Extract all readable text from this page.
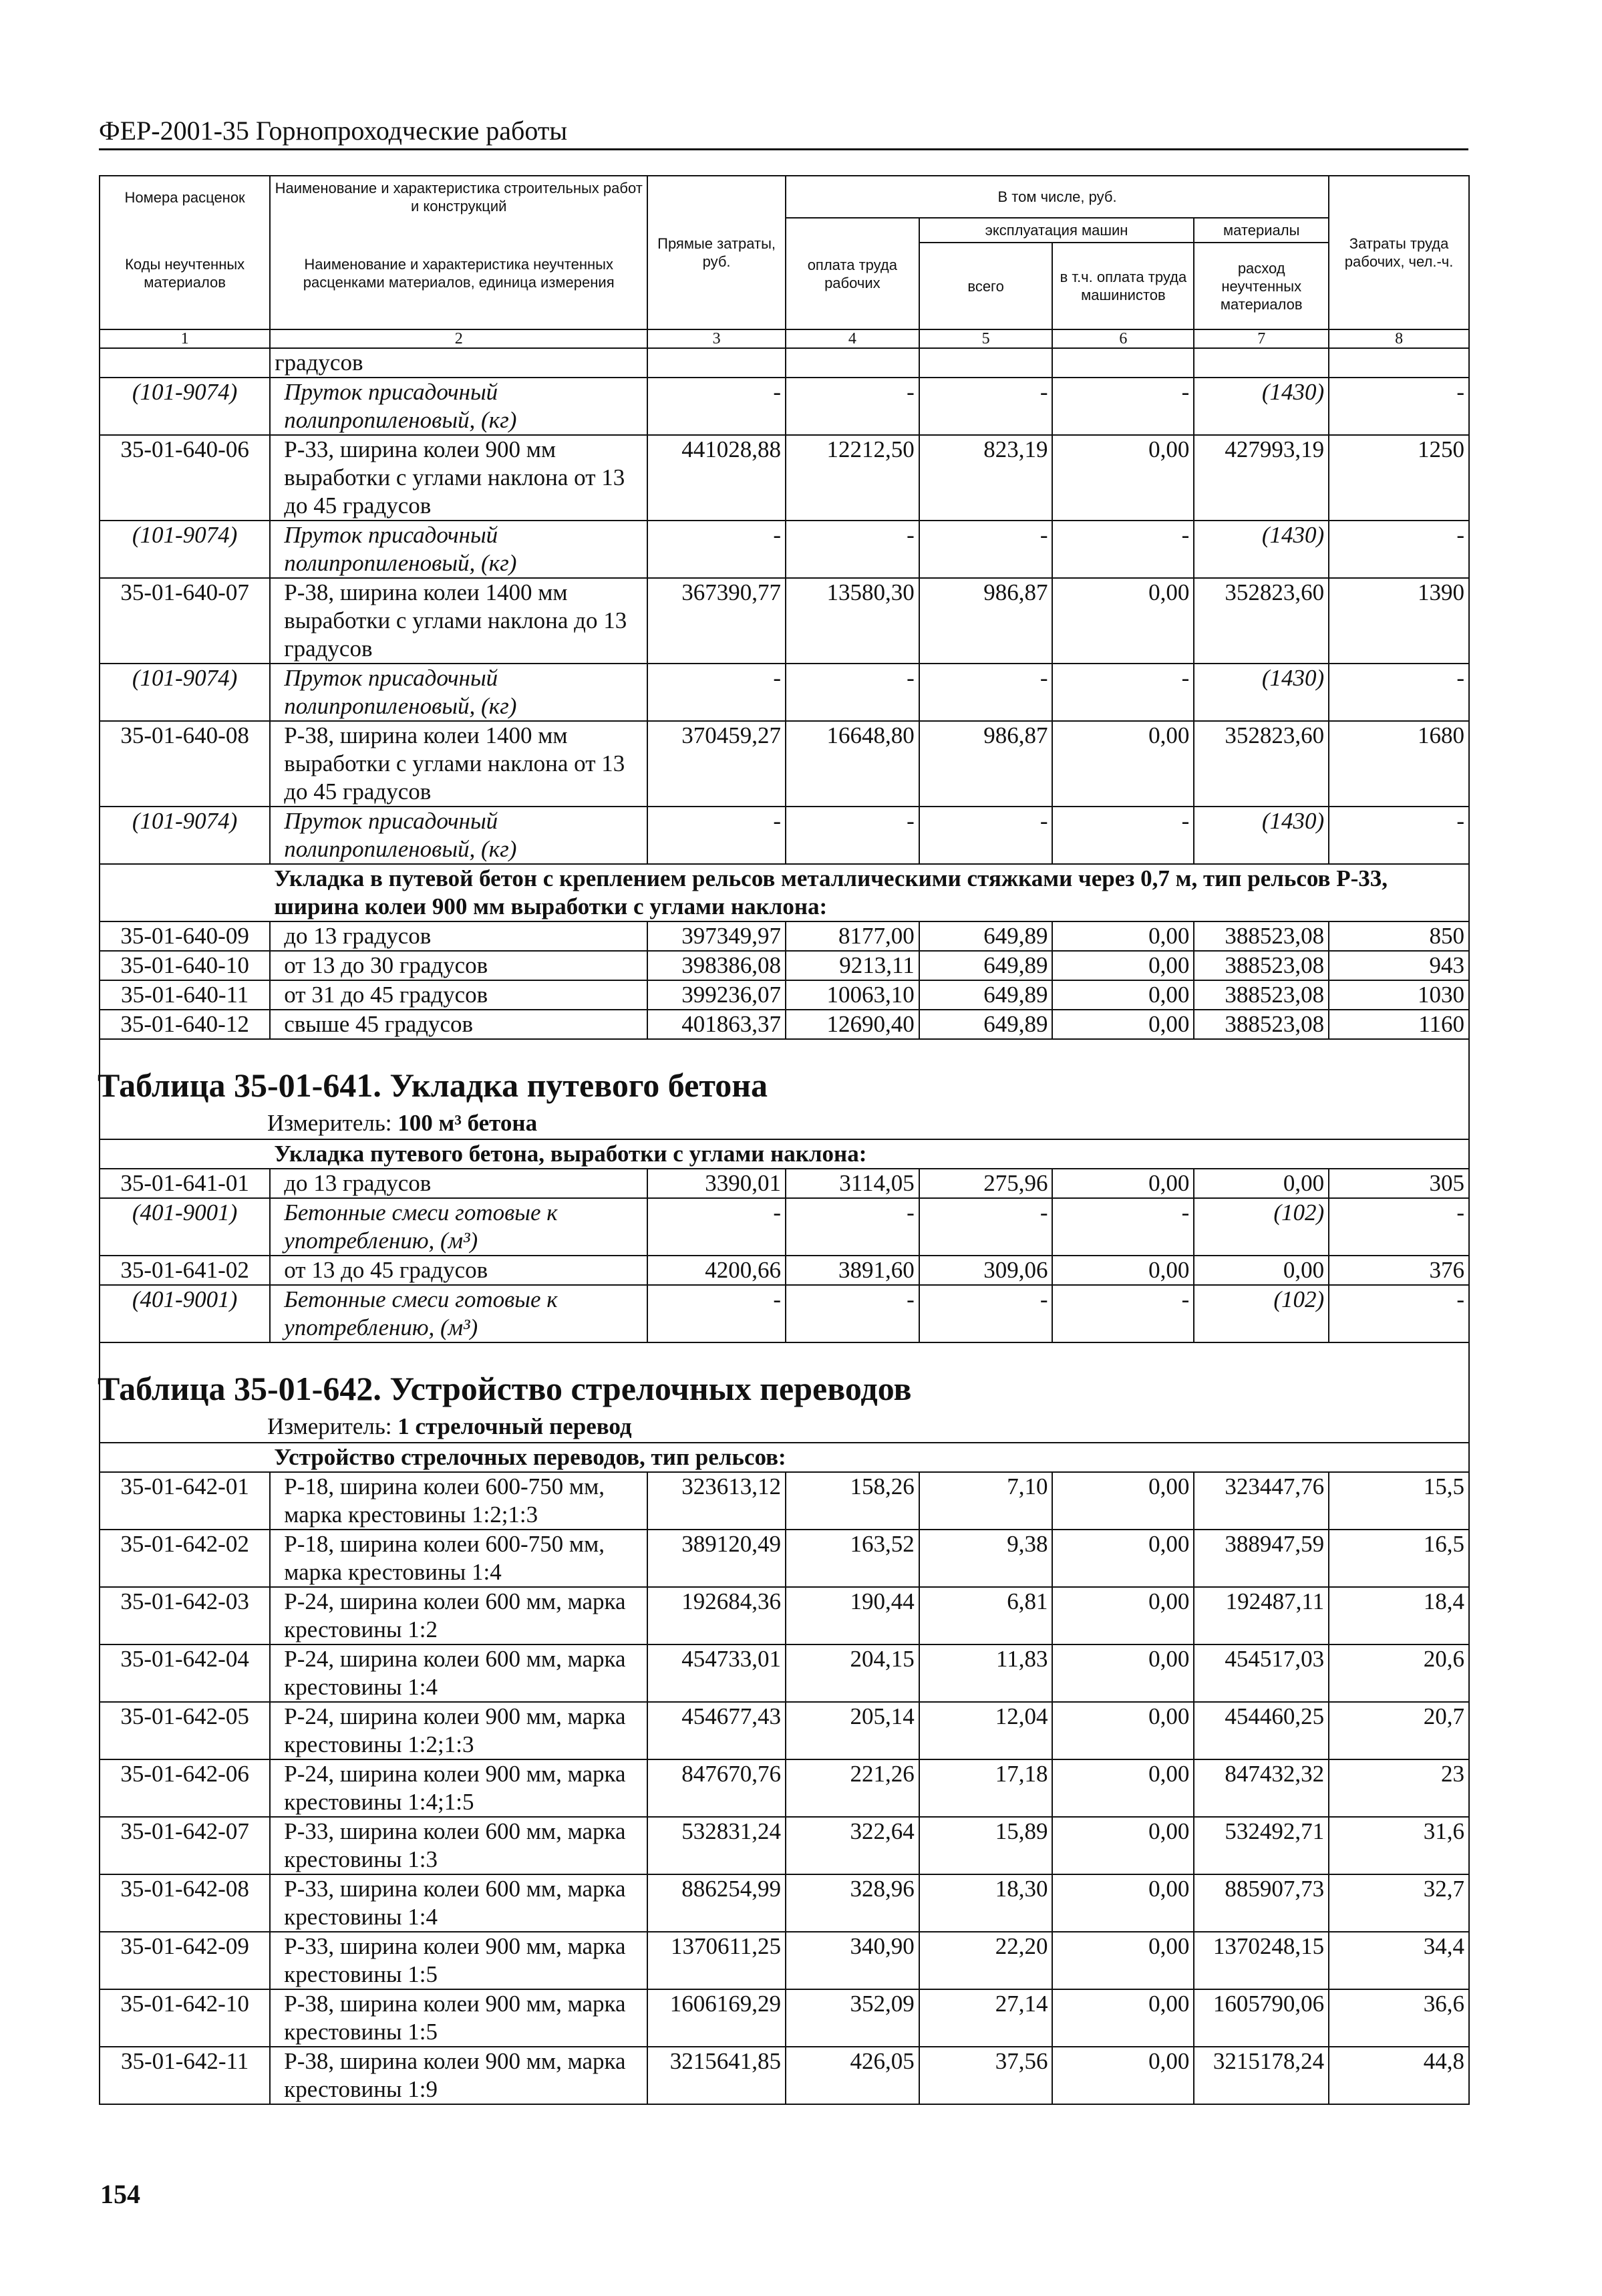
ФЕР-2001-35 Горнопроходческие работы
Номера расценок	Наименование и характеристика строительных работ и конструкций	Прямые затраты, руб.	В том числе, руб.				Затраты труда рабочих, чел.-ч.
Коды неучтенных материалов	Наименование и характеристика неучтенных расценками материалов, единица измерения		оплата труда рабочих	эксплуатация машин		материалы	
				всего	в т.ч. оплата труда машинистов	расход неучтенных материалов	
1	2	3	4	5	6	7	8
	градусов						
(101-9074)	Пруток присадочный полипропиленовый, (кг)	-	-	-	-	(1430)	-
35-01-640-06	Р-33, ширина колеи 900 мм выработки с углами наклона от 13 до 45 градусов	441028,88	12212,50	823,19	0,00	427993,19	1250
(101-9074)	Пруток присадочный полипропиленовый, (кг)	-	-	-	-	(1430)	-
35-01-640-07	Р-38, ширина колеи 1400 мм выработки с углами наклона до 13 градусов	367390,77	13580,30	986,87	0,00	352823,60	1390
(101-9074)	Пруток присадочный полипропиленовый, (кг)	-	-	-	-	(1430)	-
35-01-640-08	Р-38, ширина колеи 1400 мм выработки с углами наклона от 13 до 45 градусов	370459,27	16648,80	986,87	0,00	352823,60	1680
(101-9074)	Пруток присадочный полипропиленовый, (кг)	-	-	-	-	(1430)	-
	Укладка в путевой бетон с креплением рельсов металлическими стяжками через 0,7 м, тип рельсов Р-33, ширина колеи 900 мм выработки с углами наклона:						
35-01-640-09	до 13 градусов	397349,97	8177,00	649,89	0,00	388523,08	850
35-01-640-10	от 13 до 30 градусов	398386,08	9213,11	649,89	0,00	388523,08	943
35-01-640-11	от 31 до 45 градусов	399236,07	10063,10	649,89	0,00	388523,08	1030
35-01-640-12	свыше 45 градусов	401863,37	12690,40	649,89	0,00	388523,08	1160

Таблица 35-01-641. Укладка путевого бетона
Измеритель: 100 м³ бетона							

	Укладка путевого бетона, выработки с углами наклона:						
35-01-641-01	до 13 градусов	3390,01	3114,05	275,96	0,00	0,00	305
(401-9001)	Бетонные смеси готовые к употреблению, (м³)	-	-	-	-	(102)	-
35-01-641-02	от 13 до 45 градусов	4200,66	3891,60	309,06	0,00	0,00	376
(401-9001)	Бетонные смеси готовые к употреблению, (м³)	-	-	-	-	(102)	-

Таблица 35-01-642. Устройство стрелочных переводов
Измеритель: 1 стрелочный перевод							

	Устройство стрелочных переводов, тип рельсов:						
35-01-642-01	Р-18, ширина колеи 600-750 мм, марка крестовины 1:2;1:3	323613,12	158,26	7,10	0,00	323447,76	15,5
35-01-642-02	Р-18, ширина колеи 600-750 мм, марка крестовины 1:4	389120,49	163,52	9,38	0,00	388947,59	16,5
35-01-642-03	Р-24, ширина колеи 600 мм, марка крестовины 1:2	192684,36	190,44	6,81	0,00	192487,11	18,4
35-01-642-04	Р-24, ширина колеи 600 мм, марка крестовины 1:4	454733,01	204,15	11,83	0,00	454517,03	20,6
35-01-642-05	Р-24, ширина колеи 900 мм, марка крестовины 1:2;1:3	454677,43	205,14	12,04	0,00	454460,25	20,7
35-01-642-06	Р-24, ширина колеи 900 мм, марка крестовины 1:4;1:5	847670,76	221,26	17,18	0,00	847432,32	23
35-01-642-07	Р-33, ширина колеи 600 мм, марка крестовины 1:3	532831,24	322,64	15,89	0,00	532492,71	31,6
35-01-642-08	Р-33, ширина колеи 600 мм, марка крестовины 1:4	886254,99	328,96	18,30	0,00	885907,73	32,7
35-01-642-09	Р-33, ширина колеи 900 мм, марка крестовины 1:5	1370611,25	340,90	22,20	0,00	1370248,15	34,4
35-01-642-10	Р-38, ширина колеи 900 мм, марка крестовины 1:5	1606169,29	352,09	27,14	0,00	1605790,06	36,6
35-01-642-11	Р-38, ширина колеи 900 мм, марка крестовины 1:9	3215641,85	426,05	37,56	0,00	3215178,24	44,8
154
